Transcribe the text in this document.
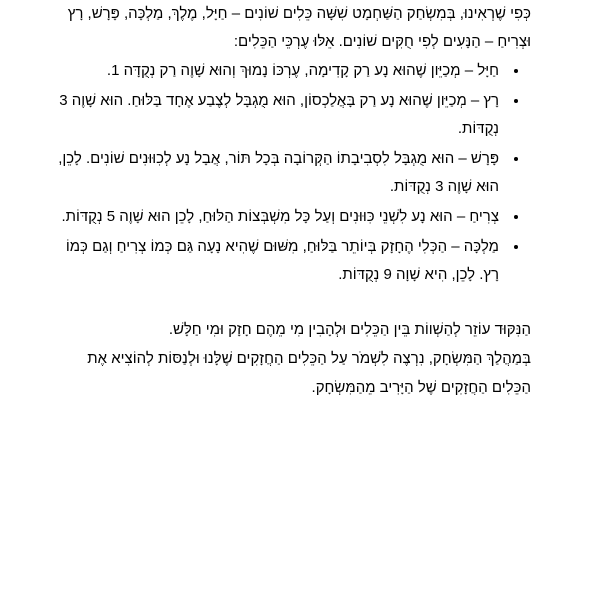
כְּפִי שֶׁרְאִינוּ, בְּמִשְׂחַק הַשַּׁחְמָט שִׁשָּׁה כֵּלִים שׁוֹנִים – חַיָּל, מֶלֶךְ, מַלְכָּה, פָּרָשׁ, רָץ וּצְרִיחַ – הַנָּעִים לְפִי חֻקִּים שׁוֹנִים. אֵלּוּ עֶרְכֵּי הַכֵּלִים:

• חַיָּל – מְכַיֵּון שֶׁהוּא נָע רַק קָדִימָה, עֶרְכּוֹ נָמוּךְ וְהוּא שָׁוֶה רַק נְקֻדָּה 1.
• רָץ – מְכַיֵּון שֶׁהוּא נָע רַק בָּאֲלַכְסוֹן, הוּא מֻגְבָּל לְצֶבַע אֶחָד בַּלּוּחַ. הוּא שָׁוֶה 3 נְקֻדּוֹת.
• פָּרָשׁ – הוּא מֻגְבָּל לִסְבִיבָתוֹ הַקְּרוֹבָה בְּכָל תּוֹר, אֲבָל נָע לְכִוּוּנִים שׁוֹנִים. לָכֵן, הוּא שָׁוֶה 3 נְקֻדּוֹת.
• צְרִיחַ – הוּא נָע לִשְׁנֵי כִּוּוּנִים וְעַל כָּל מִשְׁבְּצוֹת הַלּוּחַ, לָכֵן הוּא שָׁוֶה 5 נְקֻדּוֹת.
• מַלְכָּה – הַכְּלִי הֶחָזָק בְּיוֹתֵר בַּלּוּחַ, מִשּׁוּם שֶׁהִיא נָעָה גַּם כְּמוֹ צְרִיחַ וְגַם כְּמוֹ רָץ. לָכֵן, הִיא שָׁוָה 9 נְקֻדּוֹת.

הַנִּקּוּד עוֹזֵר לְהַשְׁווֹת בֵּין הַכֵּלִים וּלְהָבִין מִי מֵהֶם חָזָק וּמִי חַלָּשׁ.

בְּמַהֲלַךְ הַמִּשְׂחָק, נִרְצֶה לִשְׁמֹר עַל הַכֵּלִים הַחֲזָקִים שֶׁלָּנוּ וּלְנַסּוֹת לְהוֹצִיא אֶת הַכֵּלִים הַחֲזָקִים שֶׁל הַיָּרִיב מֵהַמִּשְׂחָק.
